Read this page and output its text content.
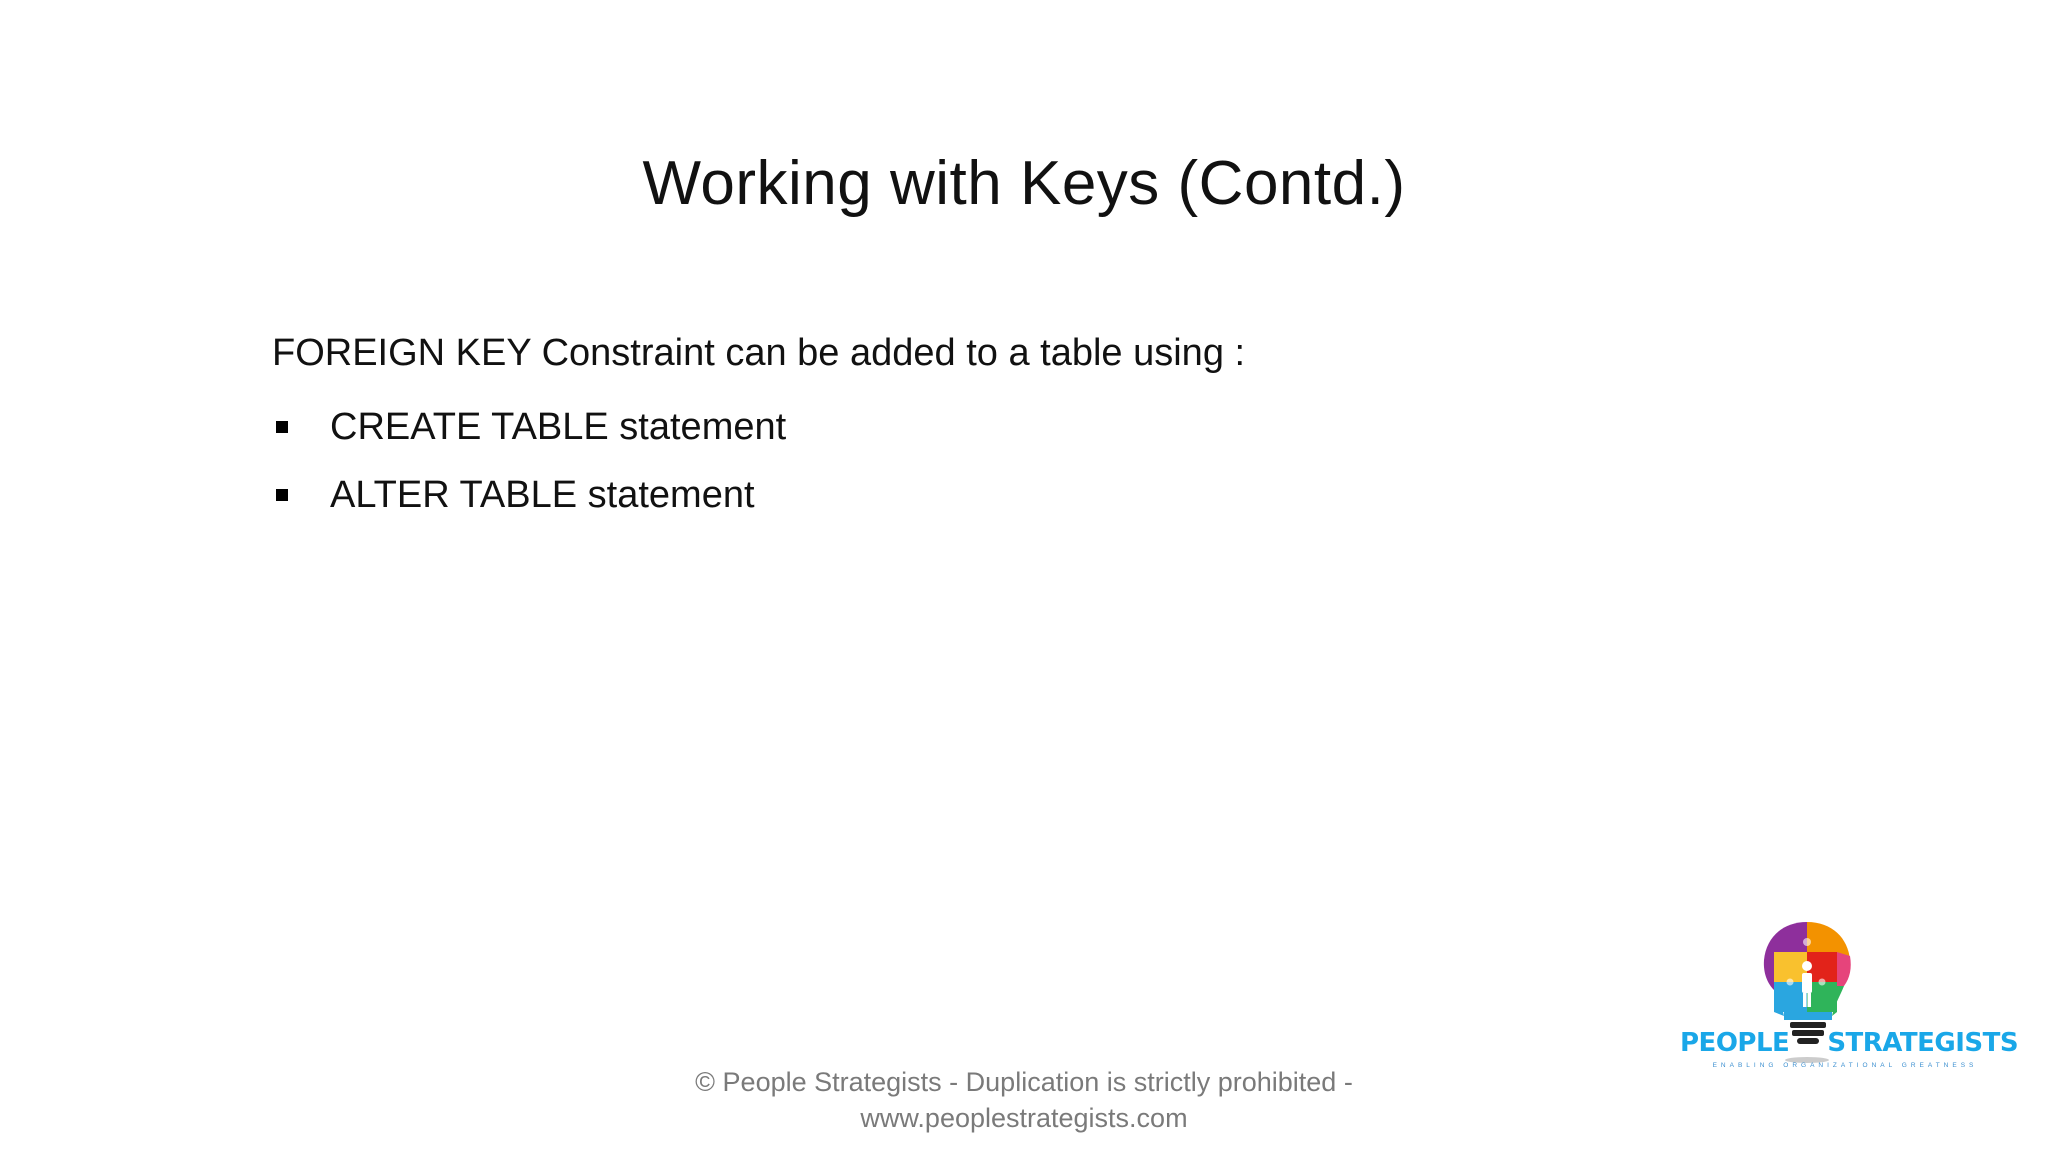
Working with Keys (Contd.)
FOREIGN KEY Constraint can be added to a table using :
CREATE TABLE statement
ALTER TABLE statement
PEOPLE STRATEGISTS
ENABLING ORGANIZATIONAL GREATNESS
© People Strategists - Duplication is strictly prohibited -
www.peoplestrategists.com
